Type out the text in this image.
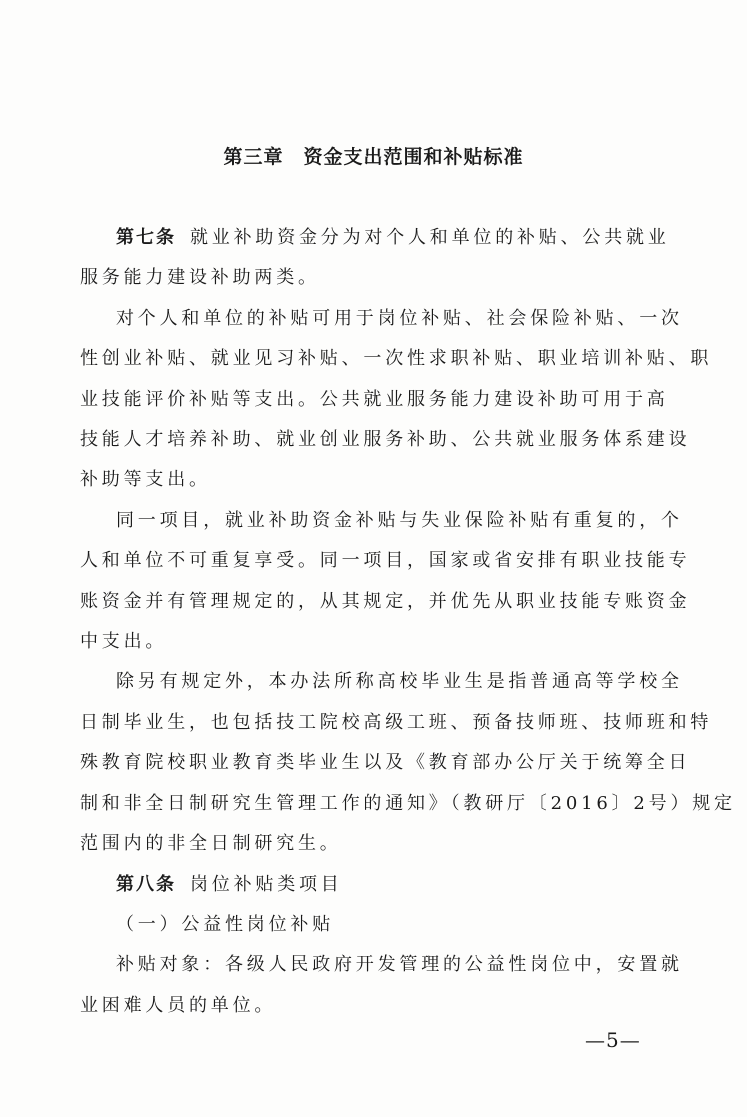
第三章　资金支出范围和补贴标准

第七条 就业补助资金分为对个人和单位的补贴、公共就业
服务能力建设补助两类。

对个人和单位的补贴可用于岗位补贴、社会保险补贴、一次
性创业补贴、就业见习补贴、一次性求职补贴、职业培训补贴、职
业技能评价补贴等支出。公共就业服务能力建设补助可用于高
技能人才培养补助、就业创业服务补助、公共就业服务体系建设
补助等支出。

同一项目，就业补助资金补贴与失业保险补贴有重复的，个
人和单位不可重复享受。同一项目，国家或省安排有职业技能专
账资金并有管理规定的，从其规定，并优先从职业技能专账资金
中支出。

除另有规定外，本办法所称高校毕业生是指普通高等学校全
日制毕业生，也包括技工院校高级工班、预备技师班、技师班和特
殊教育院校职业教育类毕业生以及《教育部办公厅关于统筹全日
制和非全日制研究生管理工作的通知》（教研厅〔2016〕2号）规定
范围内的非全日制研究生。

第八条 岗位补贴类项目

（一）公益性岗位补贴

补贴对象：各级人民政府开发管理的公益性岗位中，安置就
业困难人员的单位。

—5—
